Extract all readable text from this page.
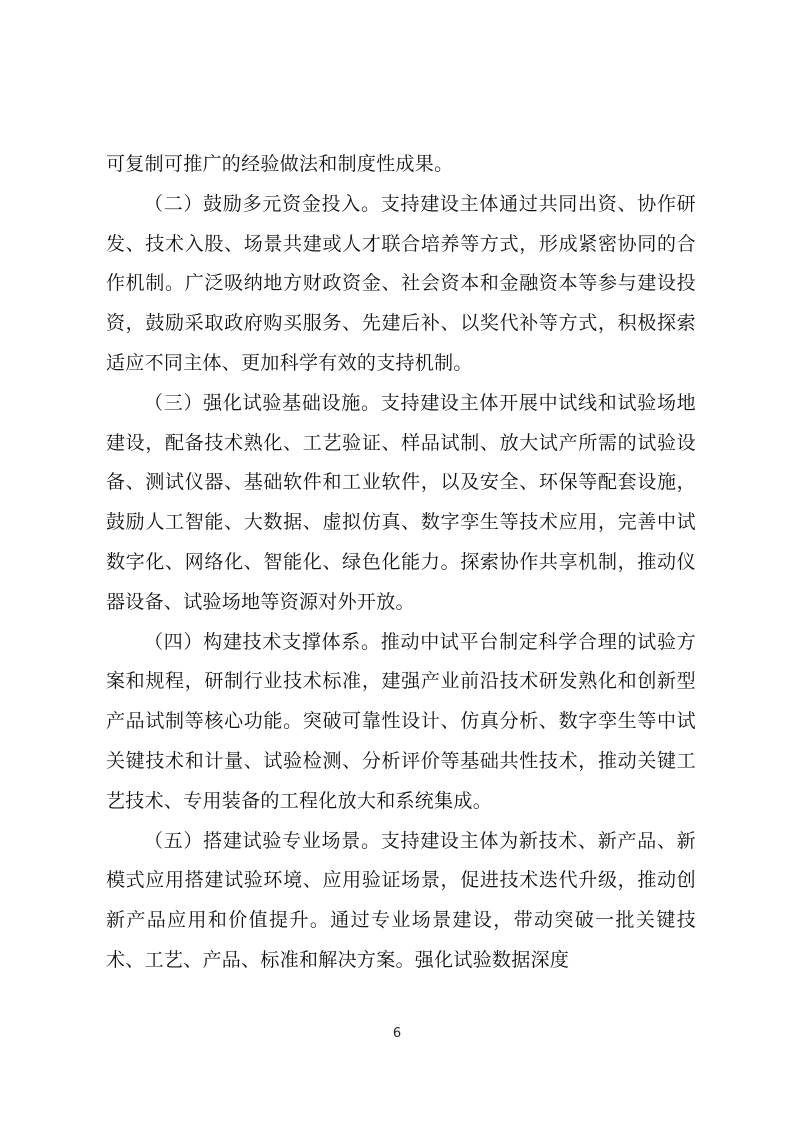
可复制可推广的经验做法和制度性成果。

（二）鼓励多元资金投入。支持建设主体通过共同出资、协作研发、技术入股、场景共建或人才联合培养等方式，形成紧密协同的合作机制。广泛吸纳地方财政资金、社会资本和金融资本等参与建设投资，鼓励采取政府购买服务、先建后补、以奖代补等方式，积极探索适应不同主体、更加科学有效的支持机制。

（三）强化试验基础设施。支持建设主体开展中试线和试验场地建设，配备技术熟化、工艺验证、样品试制、放大试产所需的试验设备、测试仪器、基础软件和工业软件，以及安全、环保等配套设施，鼓励人工智能、大数据、虚拟仿真、数字孪生等技术应用，完善中试数字化、网络化、智能化、绿色化能力。探索协作共享机制，推动仪器设备、试验场地等资源对外开放。

（四）构建技术支撑体系。推动中试平台制定科学合理的试验方案和规程，研制行业技术标准，建强产业前沿技术研发熟化和创新型产品试制等核心功能。突破可靠性设计、仿真分析、数字孪生等中试关键技术和计量、试验检测、分析评价等基础共性技术，推动关键工艺技术、专用装备的工程化放大和系统集成。

（五）搭建试验专业场景。支持建设主体为新技术、新产品、新模式应用搭建试验环境、应用验证场景，促进技术迭代升级，推动创新产品应用和价值提升。通过专业场景建设，带动突破一批关键技术、工艺、产品、标准和解决方案。强化试验数据深度

6
